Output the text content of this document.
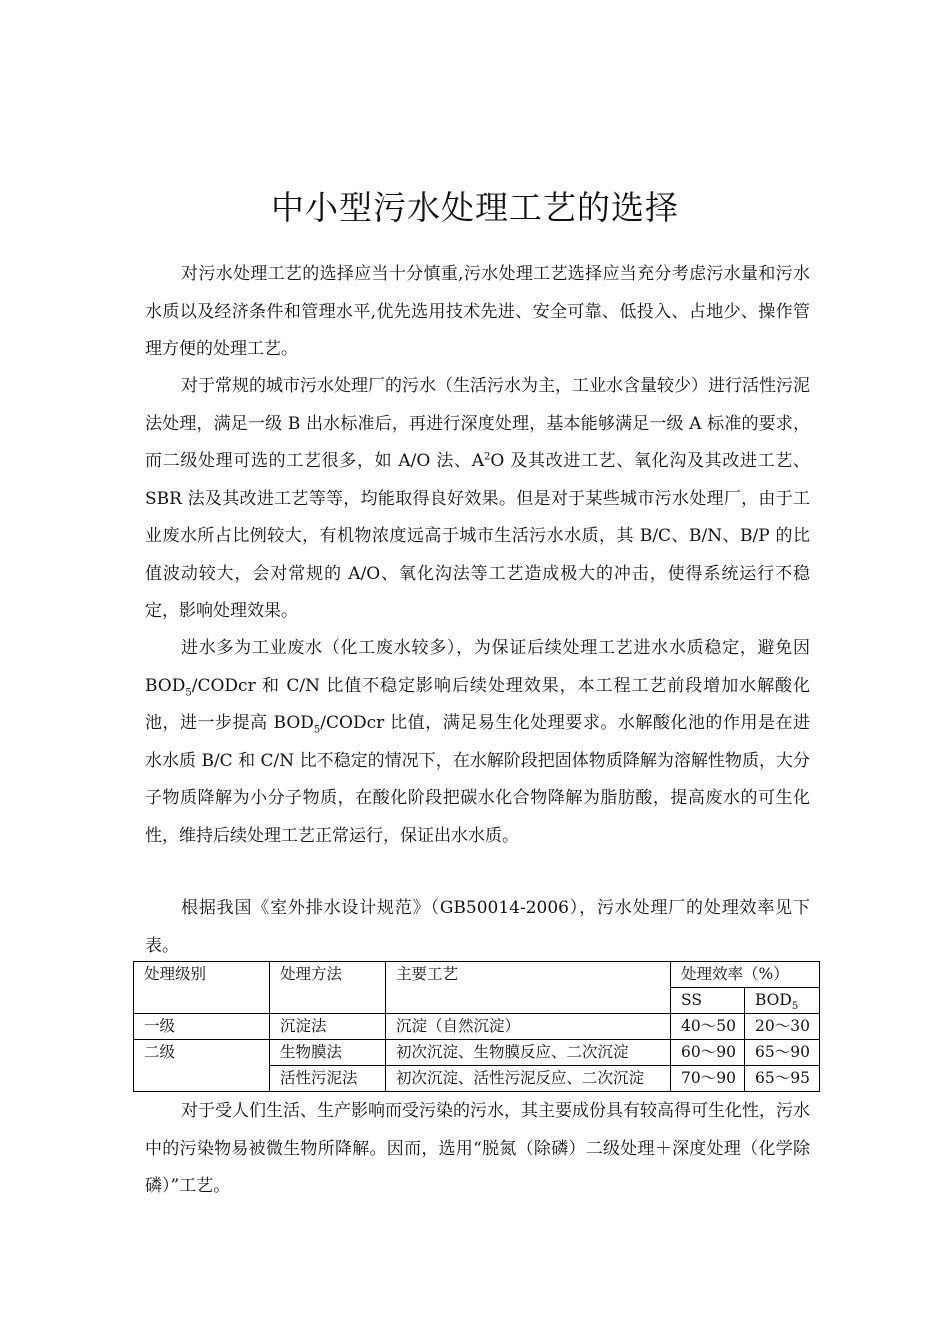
中小型污水处理工艺的选择

对污水处理工艺的选择应当十分慎重,污水处理工艺选择应当充分考虑污水量和污水水质以及经济条件和管理水平,优先选用技术先进、安全可靠、低投入、占地少、操作管理方便的处理工艺。

对于常规的城市污水处理厂的污水（生活污水为主，工业水含量较少）进行活性污泥法处理，满足一级 B 出水标准后，再进行深度处理，基本能够满足一级 A 标准的要求，而二级处理可选的工艺很多，如 A/O 法、$A^2O$ 及其改进工艺、氧化沟及其改进工艺、SBR 法及其改进工艺等等，均能取得良好效果。但是对于某些城市污水处理厂，由于工业废水所占比例较大，有机物浓度远高于城市生活污水水质，其 B/C、B/N、B/P 的比值波动较大，会对常规的 A/O、氧化沟法等工艺造成极大的冲击，使得系统运行不稳定，影响处理效果。

进水多为工业废水（化工废水较多），为保证后续处理工艺进水水质稳定，避免因 $BOD_5$/CODcr 和 C/N 比值不稳定影响后续处理效果，本工程工艺前段增加水解酸化池，进一步提高 $BOD_5$/CODcr 比值，满足易生化处理要求。水解酸化池的作用是在进水水质 B/C 和 C/N 比不稳定的情况下，在水解阶段把固体物质降解为溶解性物质，大分子物质降解为小分子物质，在酸化阶段把碳水化合物降解为脂肪酸，提高废水的可生化性，维持后续处理工艺正常运行，保证出水水质。

根据我国《室外排水设计规范》（GB50014-2006），污水处理厂的处理效率见下表。

处理级别	处理方法	主要工艺	处理效率（%）	
			SS	$BOD_5$
一级	沉淀法	沉淀（自然沉淀）	40～50	20～30
二级	生物膜法	初次沉淀、生物膜反应、二次沉淀	60～90	65～90
	活性污泥法	初次沉淀、活性污泥反应、二次沉淀	70～90	65～95

对于受人们生活、生产影响而受污染的污水，其主要成份具有较高得可生化性，污水中的污染物易被微生物所降解。因而，选用“脱氮（除磷）二级处理＋深度处理（化学除磷）”工艺。
